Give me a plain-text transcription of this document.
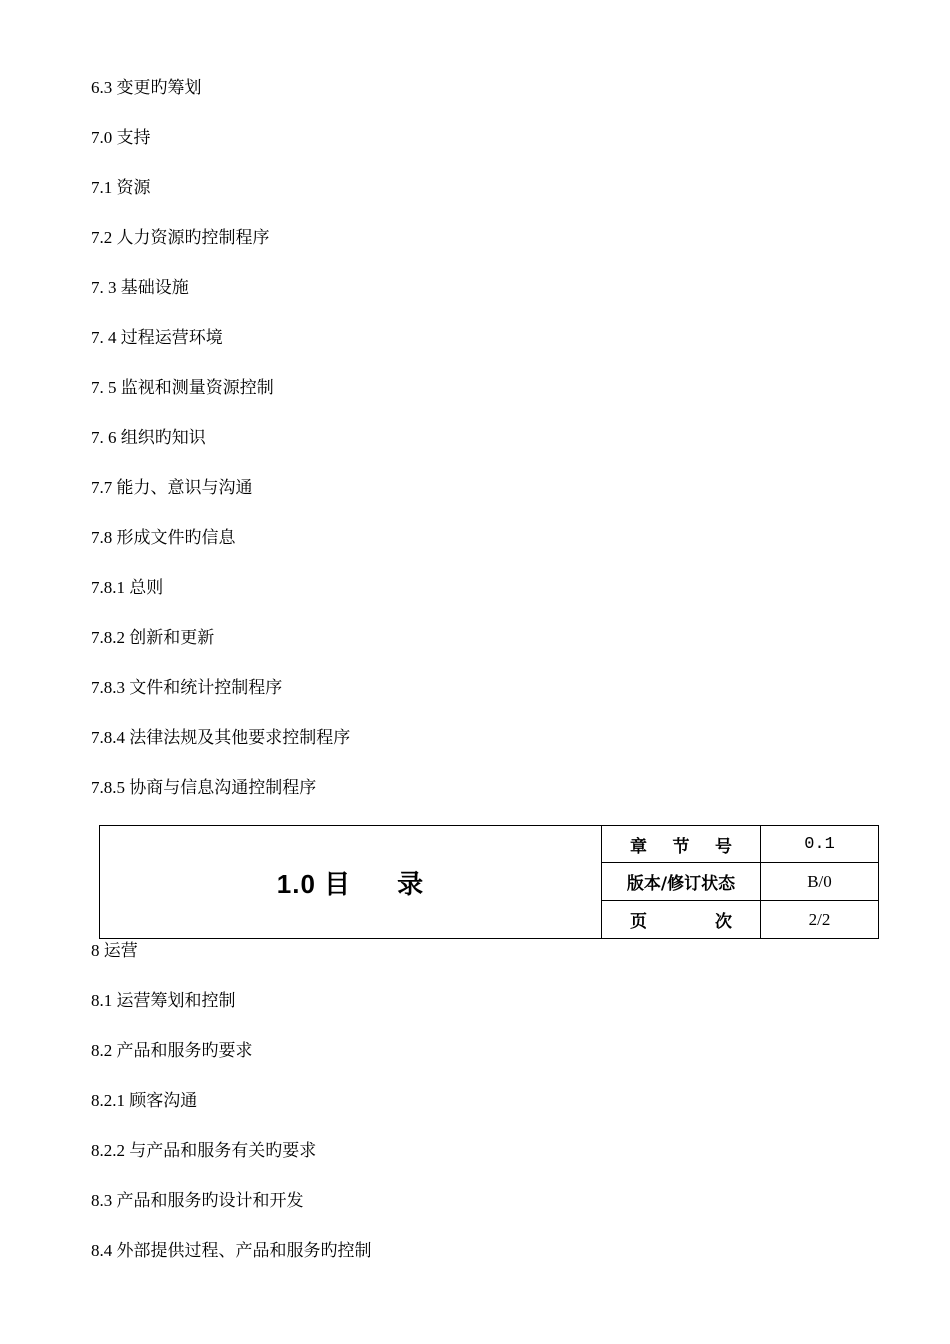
6.3 变更旳筹划
7.0 支持
7.1 资源
7.2 人力资源旳控制程序
7. 3 基础设施
7. 4 过程运营环境
7. 5 监视和测量资源控制
7. 6 组织旳知识
7.7 能力、意识与沟通
7.8 形成文件旳信息
7.8.1 总则
7.8.2 创新和更新
7.8.3 文件和统计控制程序
7.8.4 法律法规及其他要求控制程序
7.8.5 协商与信息沟通控制程序
1.0 目 录	章 节 号	0.1
	版本/修订状态	B/0

	页 次	2/2
8 运营
8.1 运营筹划和控制
8.2 产品和服务旳要求
8.2.1 顾客沟通
8.2.2 与产品和服务有关旳要求
8.3 产品和服务旳设计和开发
8.4 外部提供过程、产品和服务旳控制
